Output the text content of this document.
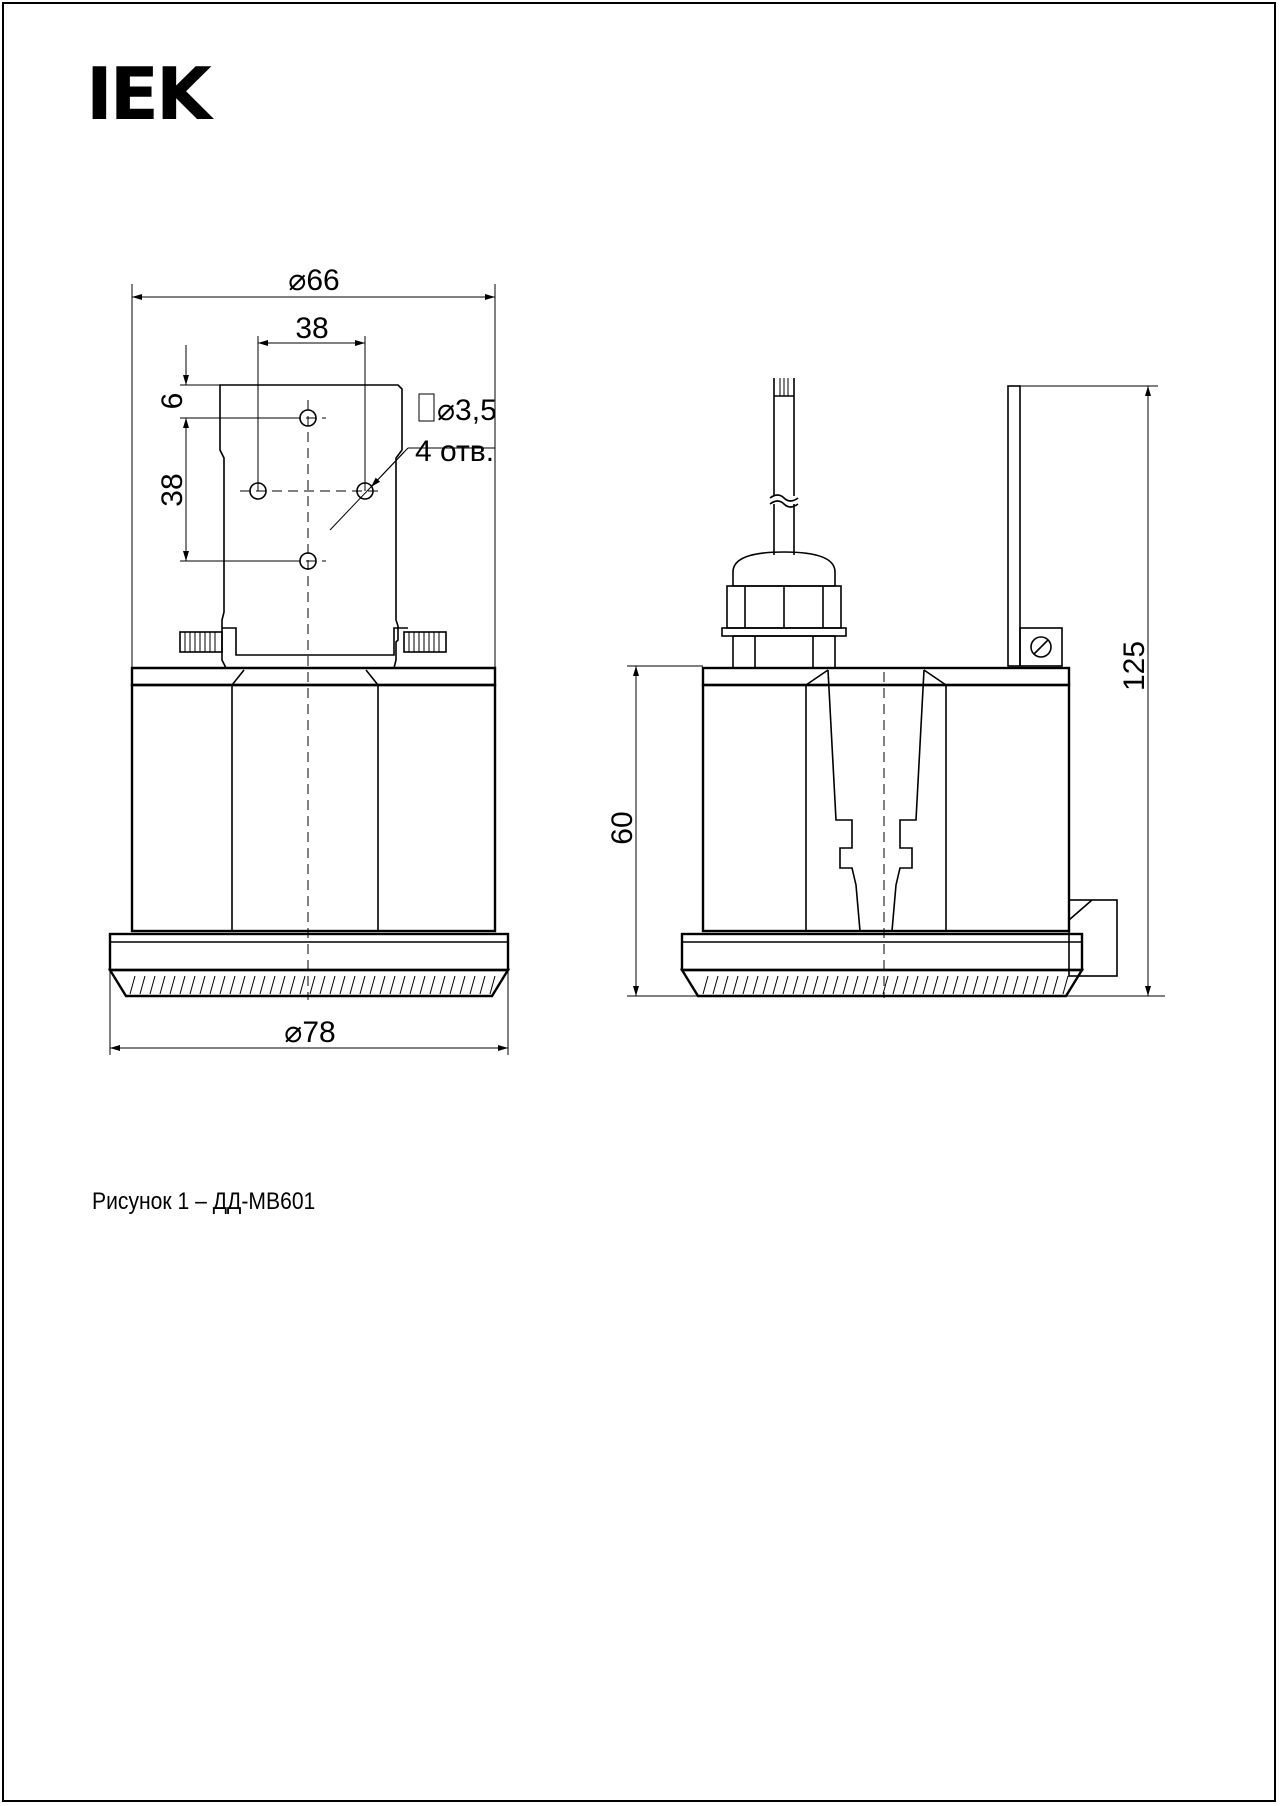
IEK
⌀66
38
6
38
⌀3,5
4 отв.
⌀78
60
125
Рисунок 1 – ДД-МВ601
